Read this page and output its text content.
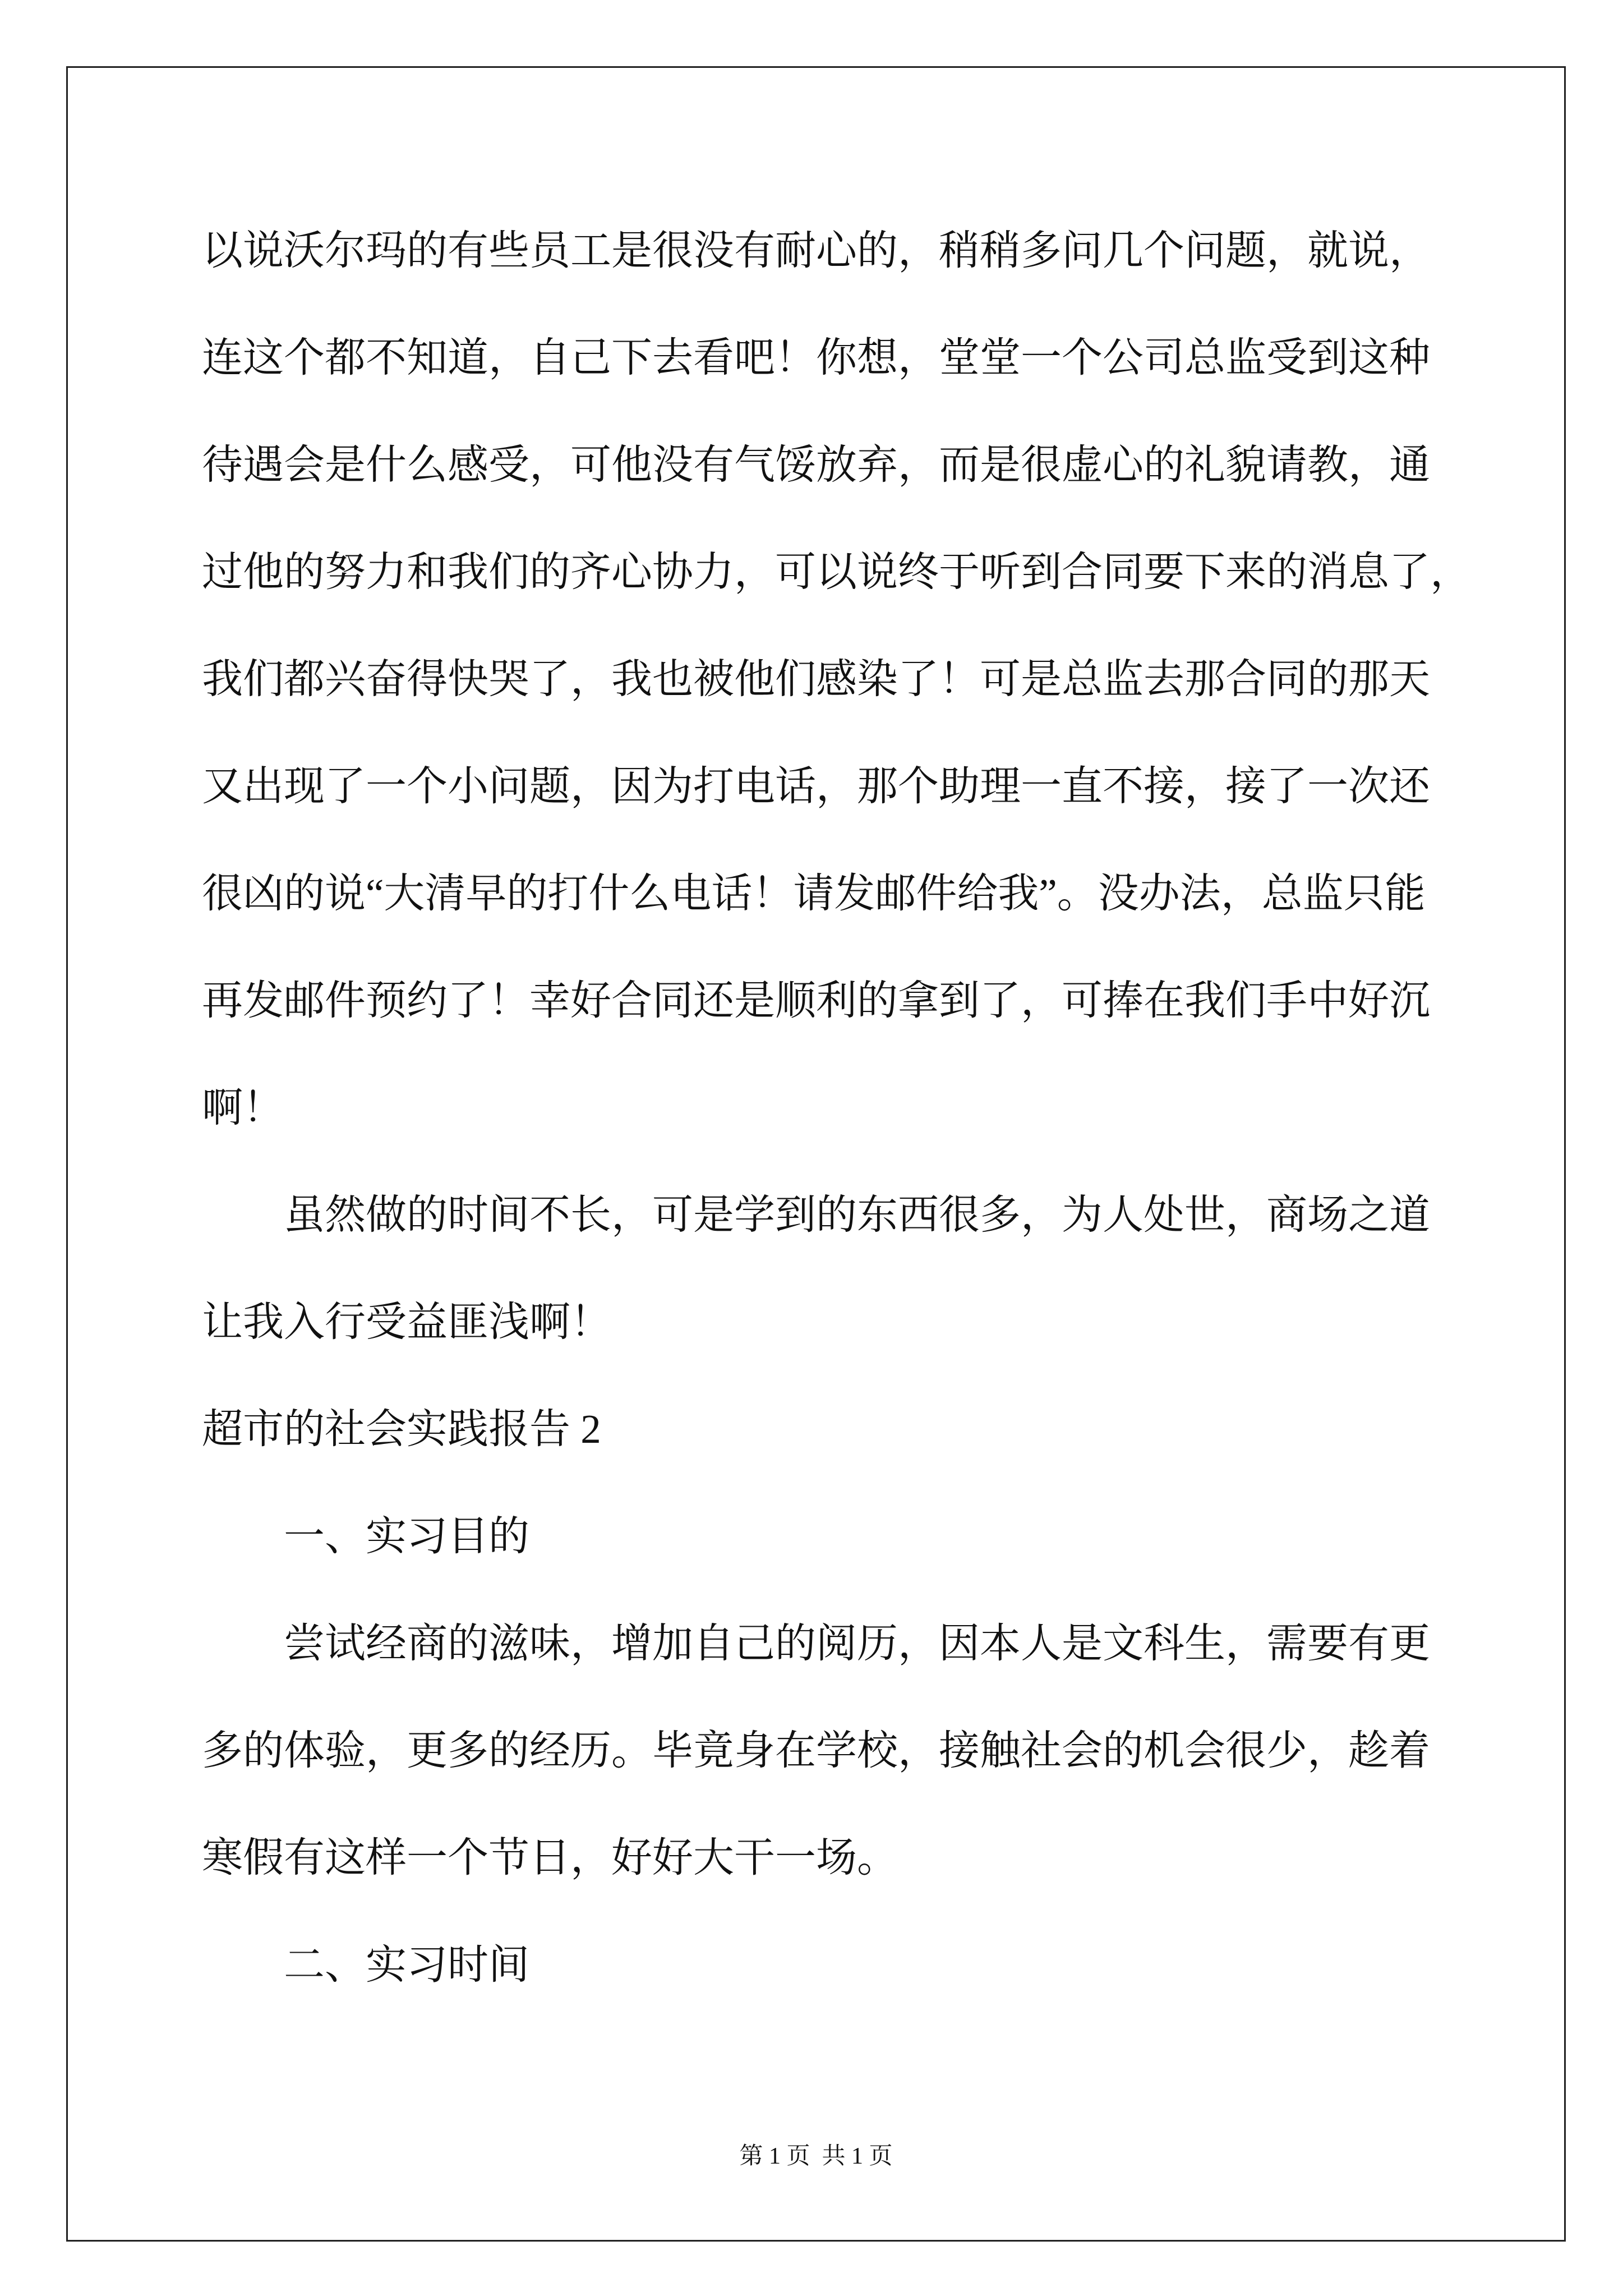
以说沃尔玛的有些员工是很没有耐心的，稍稍多问几个问题，就说，
连这个都不知道，自己下去看吧！你想，堂堂一个公司总监受到这种
待遇会是什么感受，可他没有气馁放弃，而是很虚心的礼貌请教，通
过他的努力和我们的齐心协力，可以说终于听到合同要下来的消息了，
我们都兴奋得快哭了，我也被他们感染了！可是总监去那合同的那天
又出现了一个小问题，因为打电话，那个助理一直不接，接了一次还
很凶的说“大清早的打什么电话！请发邮件给我”。没办法，总监只能
再发邮件预约了！幸好合同还是顺利的拿到了，可捧在我们手中好沉
啊！
虽然做的时间不长，可是学到的东西很多，为人处世，商场之道
让我入行受益匪浅啊！
超市的社会实践报告 2
一、实习目的
尝试经商的滋味，增加自己的阅历，因本人是文科生，需要有更
多的体验，更多的经历。毕竟身在学校，接触社会的机会很少，趁着
寒假有这样一个节日，好好大干一场。
二、实习时间
第 1 页  共 1 页
